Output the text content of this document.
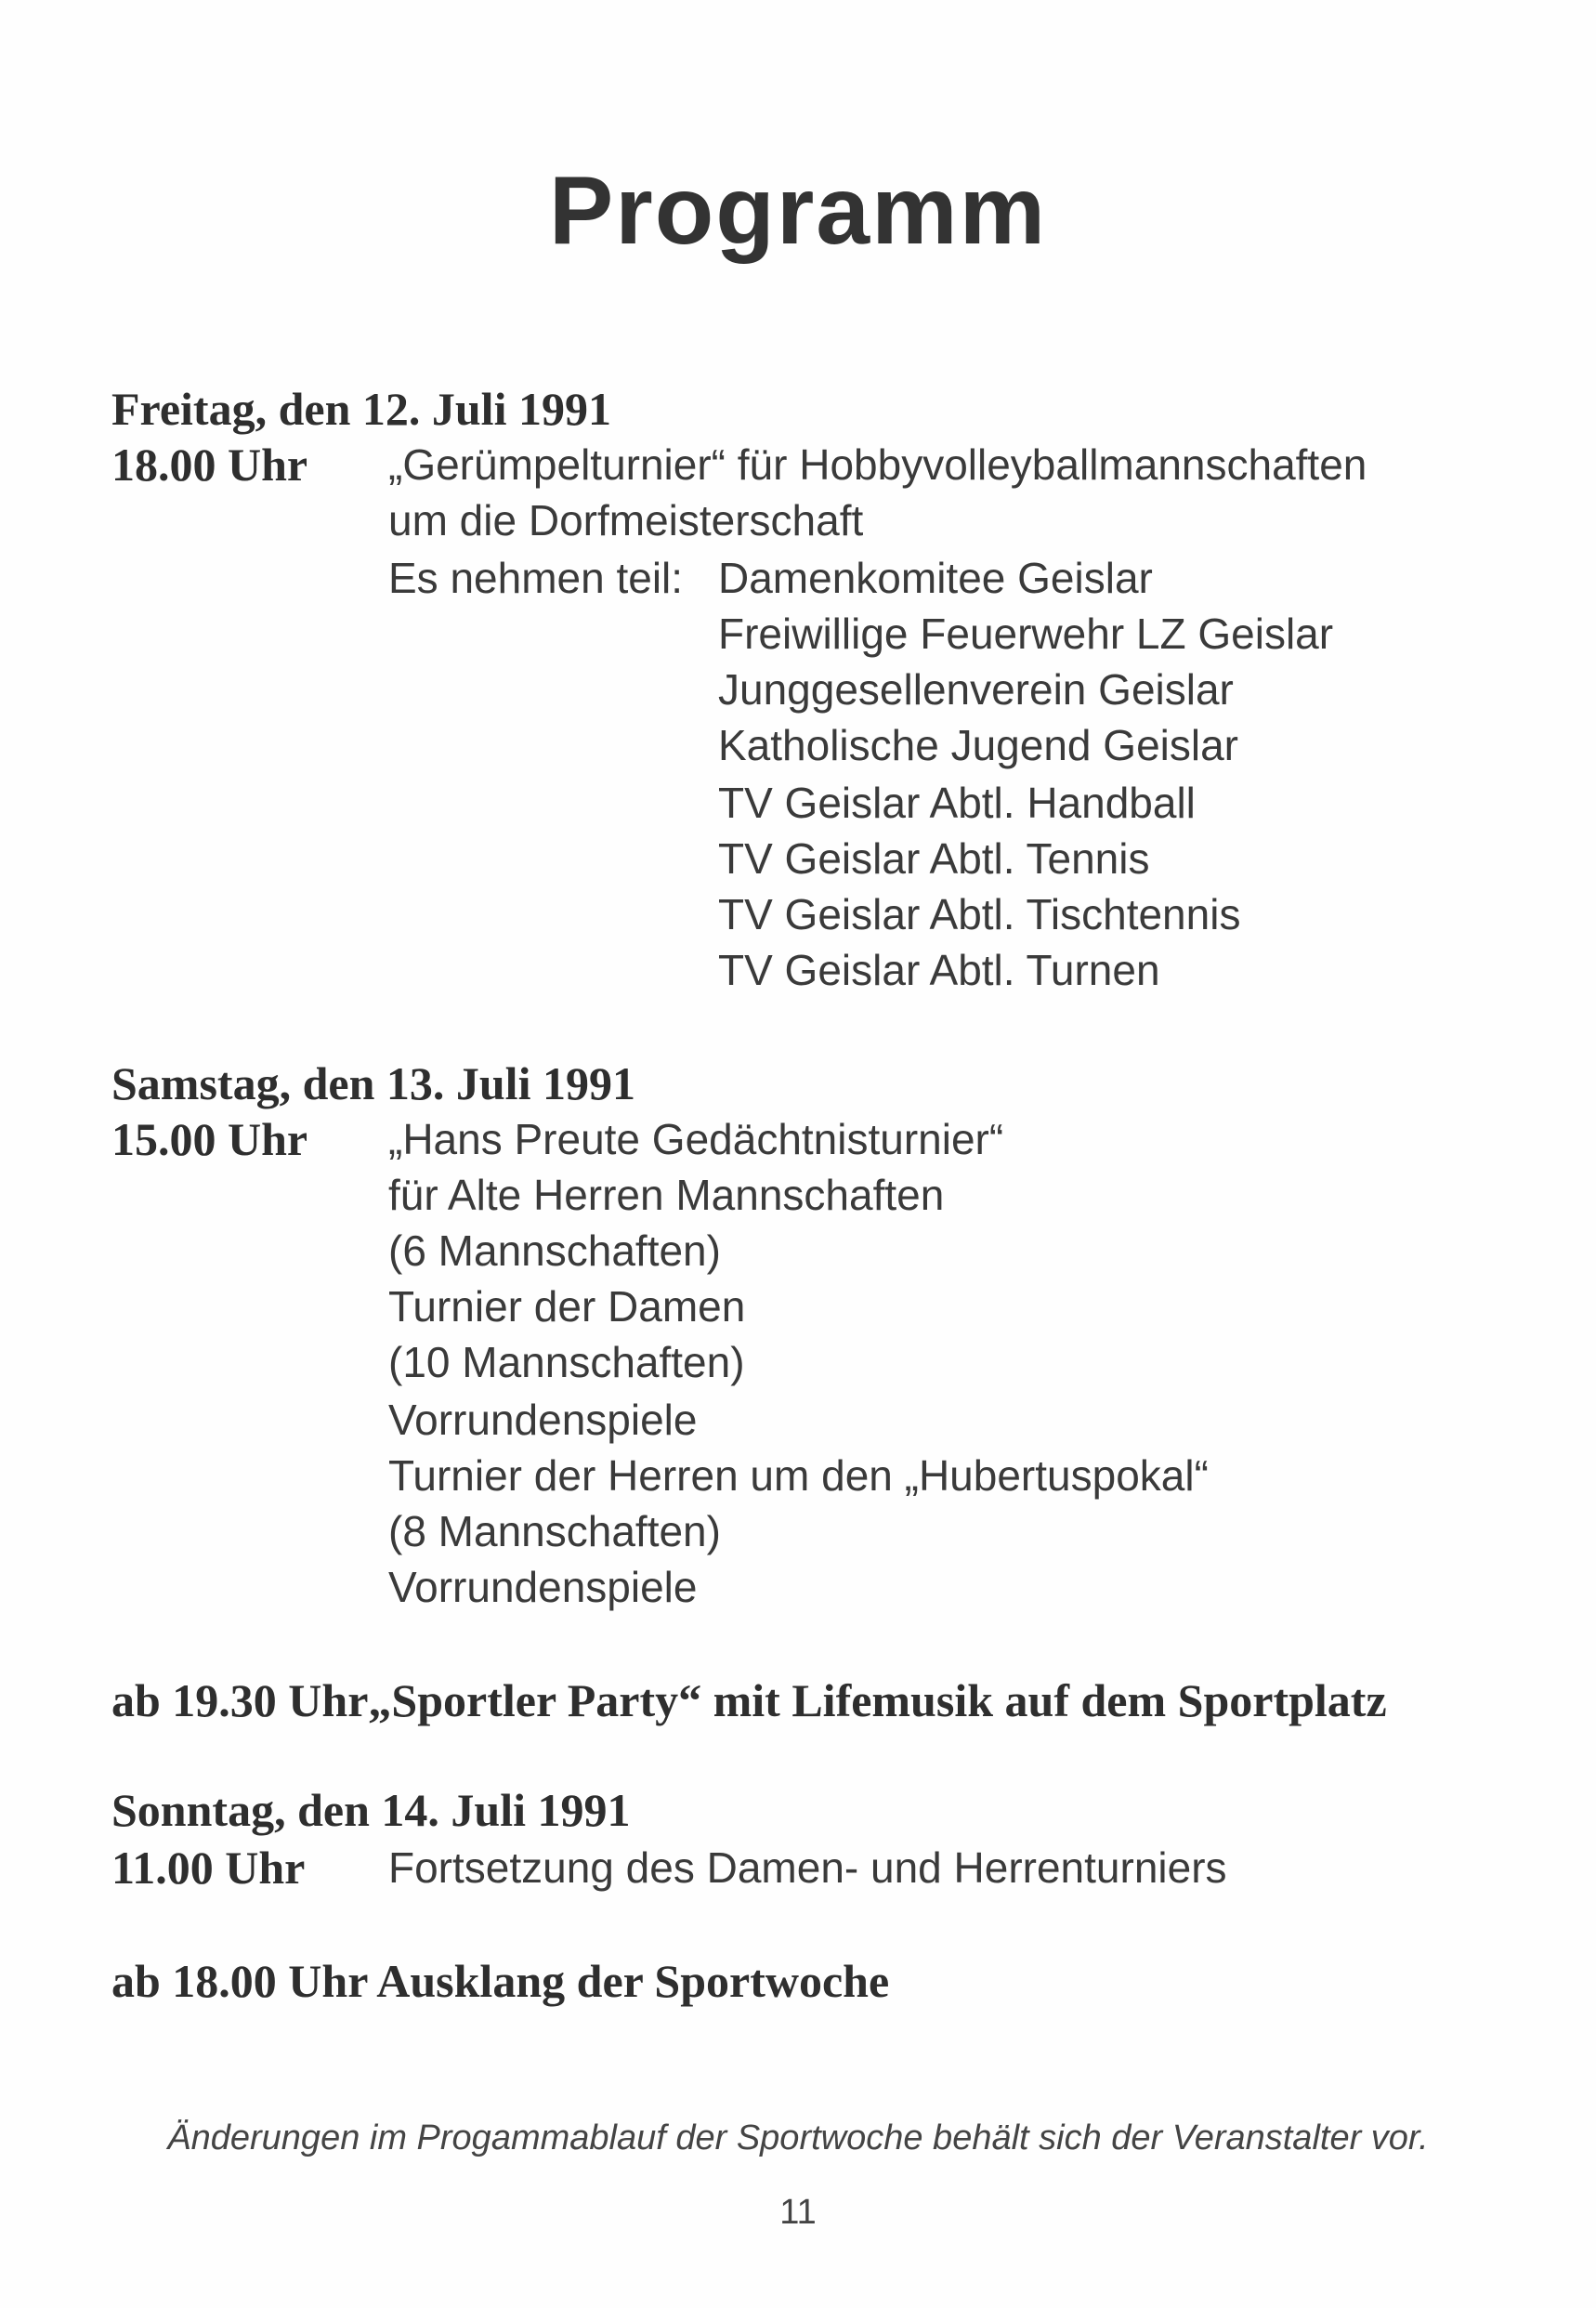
Programm
Freitag, den 12. Juli 1991
18.00 Uhr „Gerümpelturnier“ für Hobbyvolleyballmannschaften
um die Dorfmeisterschaft
Es nehmen teil: Damenkomitee Geislar
Freiwillige Feuerwehr LZ Geislar
Junggesellenverein Geislar
Katholische Jugend Geislar
TV Geislar Abtl. Handball
TV Geislar Abtl. Tennis
TV Geislar Abtl. Tischtennis
TV Geislar Abtl. Turnen
Samstag, den 13. Juli 1991
15.00 Uhr „Hans Preute Gedächtnisturnier“
für Alte Herren Mannschaften
(6 Mannschaften)
Turnier der Damen
(10 Mannschaften)
Vorrundenspiele
Turnier der Herren um den „Hubertuspokal“
(8 Mannschaften)
Vorrundenspiele
ab 19.30 Uhr„Sportler Party“ mit Lifemusik auf dem Sportplatz
Sonntag, den 14. Juli 1991
11.00 Uhr Fortsetzung des Damen- und Herrenturniers
ab 18.00 Uhr Ausklang der Sportwoche
Änderungen im Progammablauf der Sportwoche behält sich der Veranstalter vor.
11
